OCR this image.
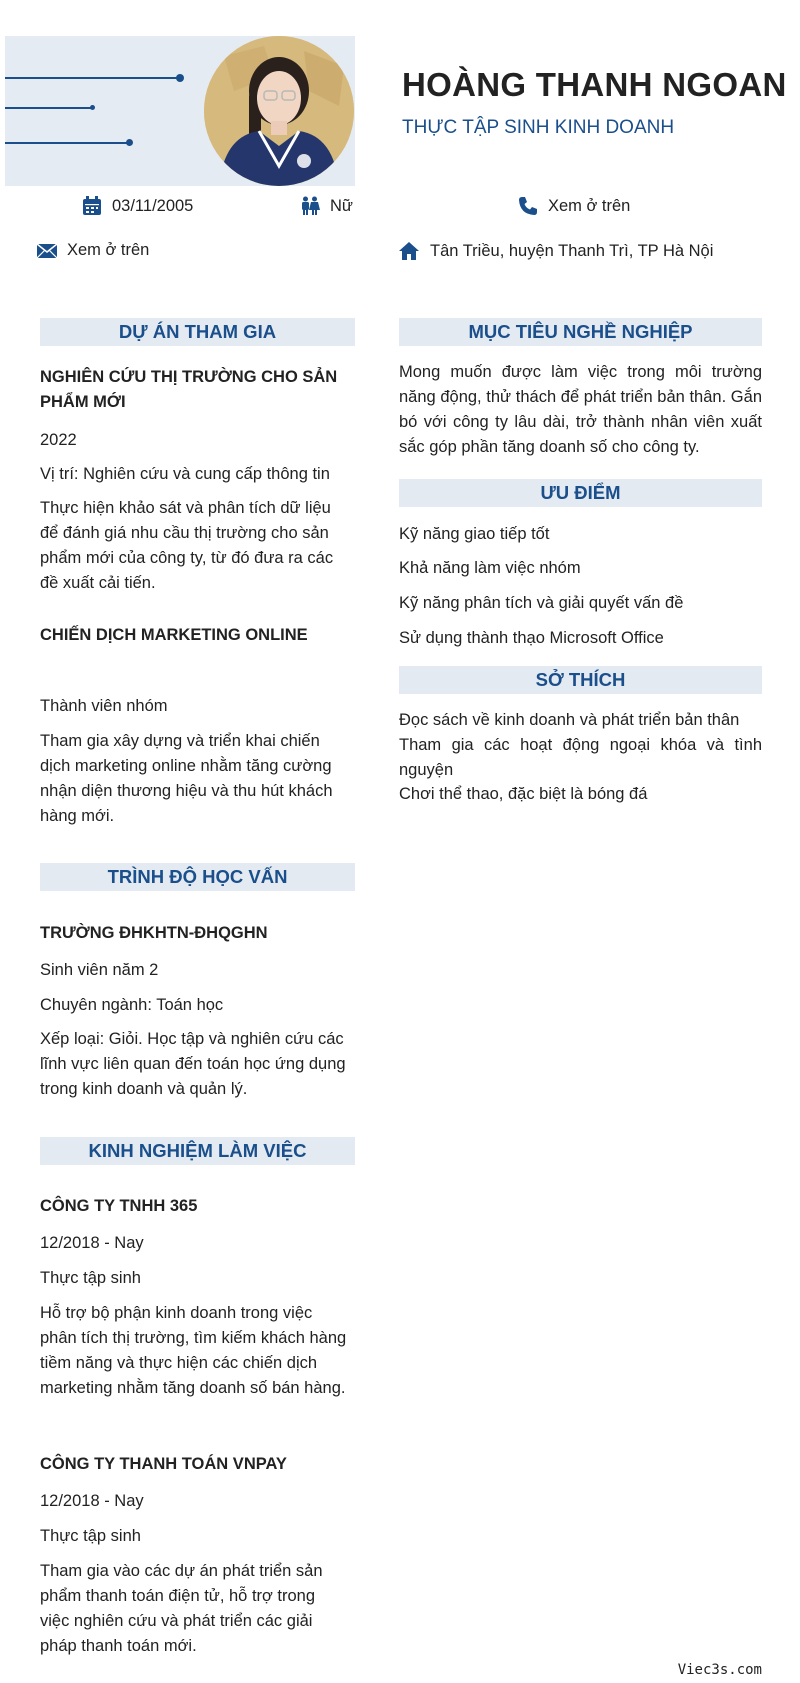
HOÀNG THANH NGOAN
THỰC TẬP SINH KINH DOANH
03/11/2005	Nữ	Xem ở trên
Xem ở trên	Tân Triều, huyện Thanh Trì, TP Hà Nội
DỰ ÁN THAM GIA
NGHIÊN CỨU THỊ TRƯỜNG CHO SẢN PHẨM MỚI
2022
Vị trí: Nghiên cứu và cung cấp thông tin
Thực hiện khảo sát và phân tích dữ liệu để đánh giá nhu cầu thị trường cho sản phẩm mới của công ty, từ đó đưa ra các đề xuất cải tiến.
CHIẾN DỊCH MARKETING ONLINE
Thành viên nhóm
Tham gia xây dựng và triển khai chiến dịch marketing online nhằm tăng cường nhận diện thương hiệu và thu hút khách hàng mới.
TRÌNH ĐỘ HỌC VẤN
TRƯỜNG ĐHKHTN-ĐHQGHN
Sinh viên năm 2
Chuyên ngành: Toán học
Xếp loại: Giỏi. Học tập và nghiên cứu các lĩnh vực liên quan đến toán học ứng dụng trong kinh doanh và quản lý.
KINH NGHIỆM LÀM VIỆC
CÔNG TY TNHH 365
12/2018 - Nay
Thực tập sinh
Hỗ trợ bộ phận kinh doanh trong việc phân tích thị trường, tìm kiếm khách hàng tiềm năng và thực hiện các chiến dịch marketing nhằm tăng doanh số bán hàng.
CÔNG TY THANH TOÁN VNPAY
12/2018 - Nay
Thực tập sinh
Tham gia vào các dự án phát triển sản phẩm thanh toán điện tử, hỗ trợ trong việc nghiên cứu và phát triển các giải pháp thanh toán mới.
MỤC TIÊU NGHỀ NGHIỆP
Mong muốn được làm việc trong môi trường năng động, thử thách để phát triển bản thân. Gắn bó với công ty lâu dài, trở thành nhân viên xuất sắc góp phần tăng doanh số cho công ty.
ƯU ĐIỂM
Kỹ năng giao tiếp tốt
Khả năng làm việc nhóm
Kỹ năng phân tích và giải quyết vấn đề
Sử dụng thành thạo Microsoft Office
SỞ THÍCH
Đọc sách về kinh doanh và phát triển bản thân
Tham gia các hoạt động ngoại khóa và tình nguyện
Chơi thể thao, đặc biệt là bóng đá
Viec3s.com
